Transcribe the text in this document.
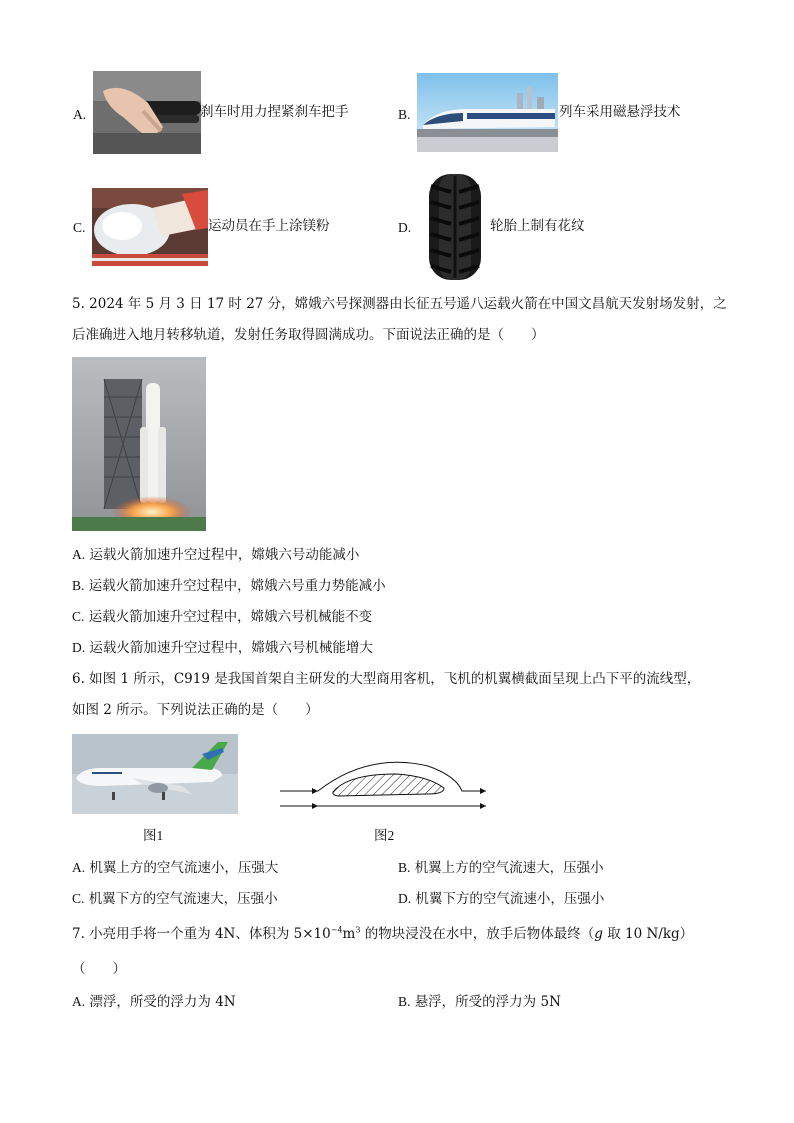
A.	刹车时用力捏紧刹车把手	B.	列车采用磁悬浮技术
C.	运动员在手上涂镁粉	D.	轮胎上制有花纹
5. 2024 年 5 月 3 日 17 时 27 分，嫦娥六号探测器由长征五号遥八运载火箭在中国文昌航天发射场发射，之
后准确进入地月转移轨道，发射任务取得圆满成功。下面说法正确的是（　　）
A. 运载火箭加速升空过程中，嫦娥六号动能减小
B. 运载火箭加速升空过程中，嫦娥六号重力势能减小
C. 运载火箭加速升空过程中，嫦娥六号机械能不变
D. 运载火箭加速升空过程中，嫦娥六号机械能增大
6. 如图 1 所示，C919 是我国首架自主研发的大型商用客机，飞机的机翼横截面呈现上凸下平的流线型，
如图 2 所示。下列说法正确的是（　　）
图1	图2
A. 机翼上方的空气流速小，压强大	B. 机翼上方的空气流速大，压强小
C. 机翼下方的空气流速大，压强小	D. 机翼下方的空气流速小，压强小
7. 小亮用手将一个重为 4N、体积为 $5\times 10^{-4}m^3$ 的物块浸没在水中，放手后物体最终（g 取 10 N/kg）
（　　）
A. 漂浮，所受的浮力为 4N	B. 悬浮，所受的浮力为 5N
